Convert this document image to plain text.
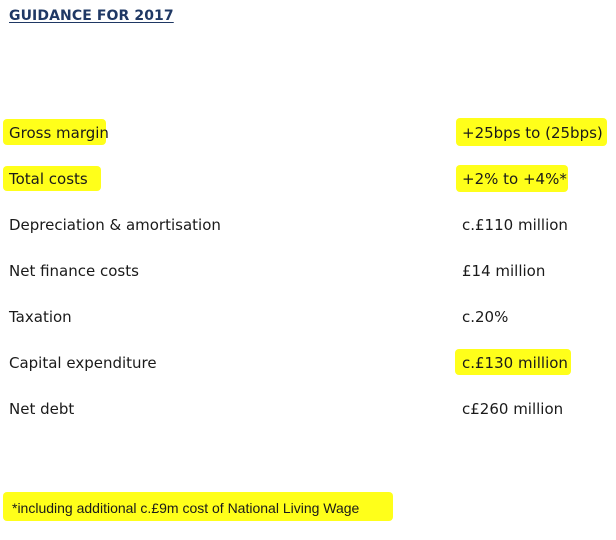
GUIDANCE FOR 2017
Gross margin	+25bps to (25bps)
Total costs	+2% to +4%*
Depreciation & amortisation	c.£110 million
Net finance costs	£14 million
Taxation	c.20%
Capital expenditure	c.£130 million
Net debt	c£260 million
*including additional c.£9m cost of National Living Wage
